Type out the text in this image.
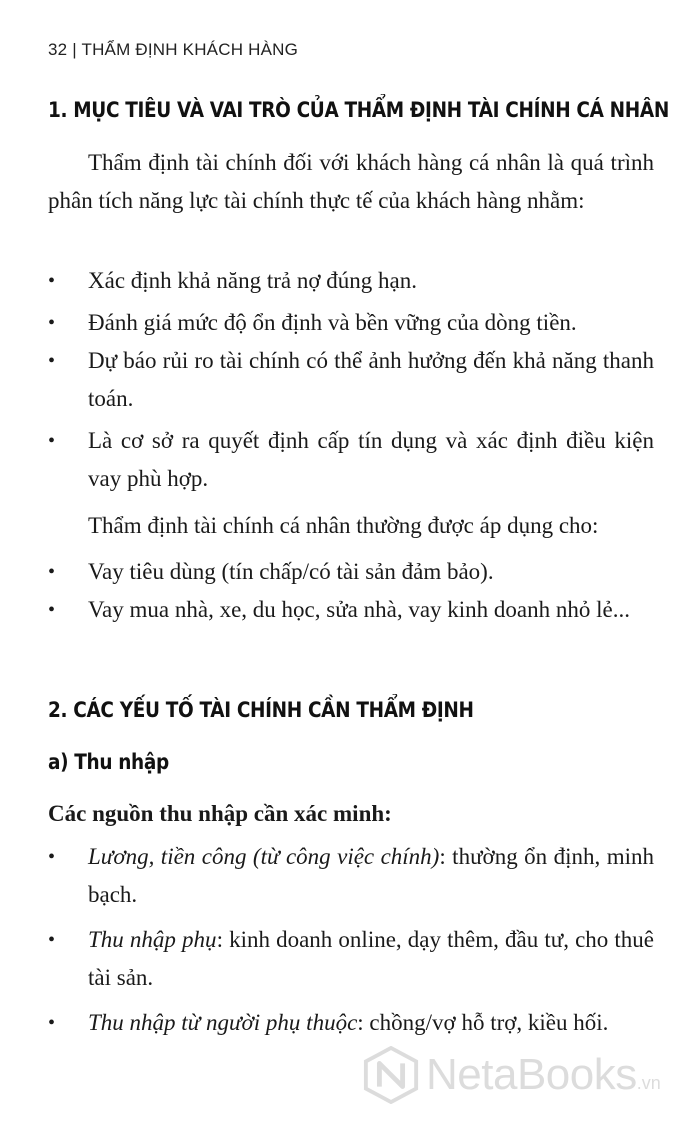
32 | THẨM ĐỊNH KHÁCH HÀNG
1. MỤC TIÊU VÀ VAI TRÒ CỦA THẨM ĐỊNH TÀI CHÍNH CÁ NHÂN
Thẩm định tài chính đối với khách hàng cá nhân là quá trình phân tích năng lực tài chính thực tế của khách hàng nhằm:
• Xác định khả năng trả nợ đúng hạn.
• Đánh giá mức độ ổn định và bền vững của dòng tiền.
• Dự báo rủi ro tài chính có thể ảnh hưởng đến khả năng thanh toán.
• Là cơ sở ra quyết định cấp tín dụng và xác định điều kiện vay phù hợp.
Thẩm định tài chính cá nhân thường được áp dụng cho:
• Vay tiêu dùng (tín chấp/có tài sản đảm bảo).
• Vay mua nhà, xe, du học, sửa nhà, vay kinh doanh nhỏ lẻ...
2. CÁC YẾU TỐ TÀI CHÍNH CẦN THẨM ĐỊNH
a) Thu nhập
Các nguồn thu nhập cần xác minh:
• Lương, tiền công (từ công việc chính): thường ổn định, minh bạch.
• Thu nhập phụ: kinh doanh online, dạy thêm, đầu tư, cho thuê tài sản.
• Thu nhập từ người phụ thuộc: chồng/vợ hỗ trợ, kiều hối.
NetaBooks .vn
